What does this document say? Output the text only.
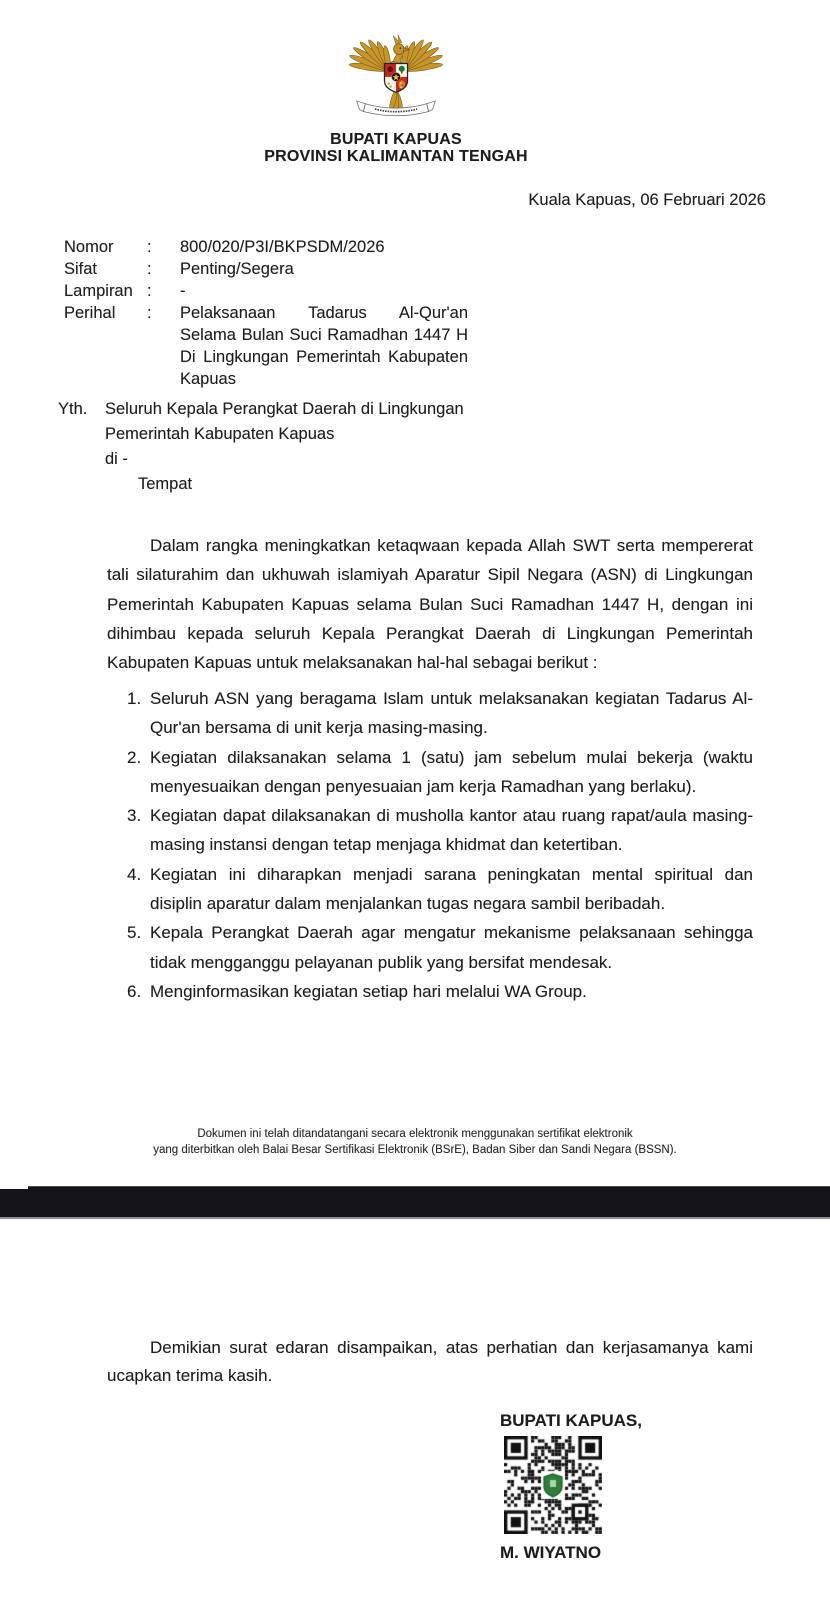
BUPATI KAPUAS
PROVINSI KALIMANTAN TENGAH
Kuala Kapuas, 06 Februari 2026
Nomor	:	800/020/P3I/BKPSDM/2026
Sifat	:	Penting/Segera
Lampiran :	-
Perihal	:	Pelaksanaan Tadarus Al-Qur'an Selama Bulan Suci Ramadhan 1447 H Di Lingkungan Pemerintah Kabupaten Kapuas
Yth.	Seluruh Kepala Perangkat Daerah di Lingkungan
Pemerintah Kabupaten Kapuas
di -
Tempat

Dalam rangka meningkatkan ketaqwaan kepada Allah SWT serta mempererat tali silaturahim dan ukhuwah islamiyah Aparatur Sipil Negara (ASN) di Lingkungan Pemerintah Kabupaten Kapuas selama Bulan Suci Ramadhan 1447 H, dengan ini dihimbau kepada seluruh Kepala Perangkat Daerah di Lingkungan Pemerintah Kabupaten Kapuas untuk melaksanakan hal-hal sebagai berikut :

1. Seluruh ASN yang beragama Islam untuk melaksanakan kegiatan Tadarus Al-Qur'an bersama di unit kerja masing-masing.
2. Kegiatan dilaksanakan selama 1 (satu) jam sebelum mulai bekerja (waktu menyesuaikan dengan penyesuaian jam kerja Ramadhan yang berlaku).
3. Kegiatan dapat dilaksanakan di musholla kantor atau ruang rapat/aula masing-masing instansi dengan tetap menjaga khidmat dan ketertiban.
4. Kegiatan ini diharapkan menjadi sarana peningkatan mental spiritual dan disiplin aparatur dalam menjalankan tugas negara sambil beribadah.
5. Kepala Perangkat Daerah agar mengatur mekanisme pelaksanaan sehingga tidak mengganggu pelayanan publik yang bersifat mendesak.
6. Menginformasikan kegiatan setiap hari melalui WA Group.
Dokumen ini telah ditandatangani secara elektronik menggunakan sertifikat elektronik
yang diterbitkan oleh Balai Besar Sertifikasi Elektronik (BSrE), Badan Siber dan Sandi Negara (BSSN).

Demikian surat edaran disampaikan, atas perhatian dan kerjasamanya kami ucapkan terima kasih.

BUPATI KAPUAS,
M. WIYATNO
